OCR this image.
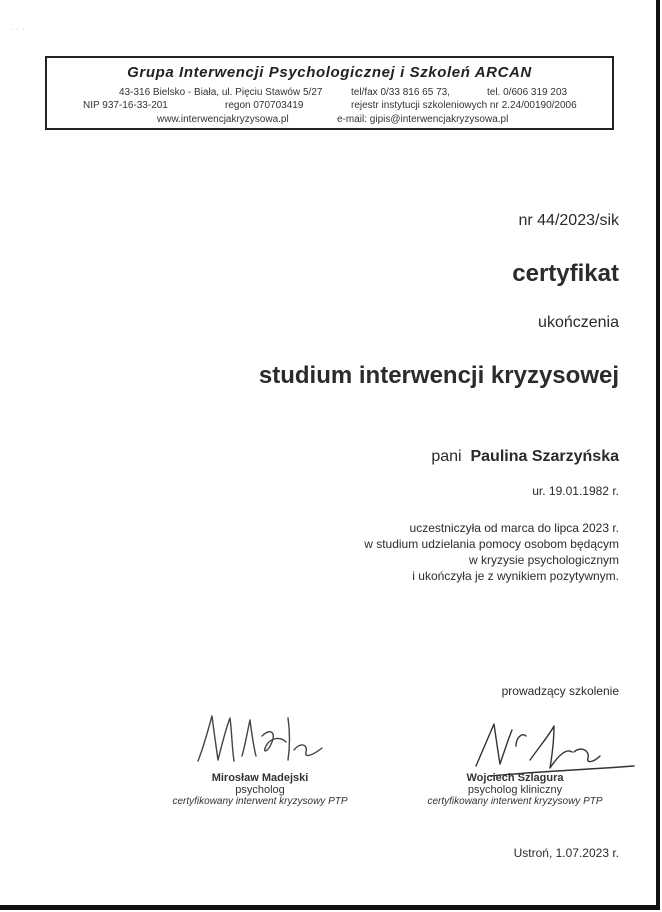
· · ·
Grupa Interwencji Psychologicznej i Szkoleń ARCAN
43-316 Bielsko - Biała, ul. Pięciu Stawów 5/27	tel/fax 0/33 816 65 73,	tel. 0/606 319 203
NIP 937-16-33-201	regon 070703419	rejestr instytucji szkoleniowych nr 2.24/00190/2006
www.interwencjakryzysowa.pl	e-mail: gipis@interwencjakryzysowa.pl
nr 44/2023/sik
certyfikat
ukończenia
studium interwencji kryzysowej
pani Paulina Szarzyńska
ur. 19.01.1982 r.
uczestniczyła od marca do lipca 2023 r.
w studium udzielania pomocy osobom będącym
w kryzysie psychologicznym
i ukończyła je z wynikiem pozytywnym.
prowadzący szkolenie
Mirosław Madejski
psycholog
certyfikowany interwent kryzysowy PTP
Wojciech Szlagura
psycholog kliniczny
certyfikowany interwent kryzysowy PTP
Ustroń, 1.07.2023 r.
